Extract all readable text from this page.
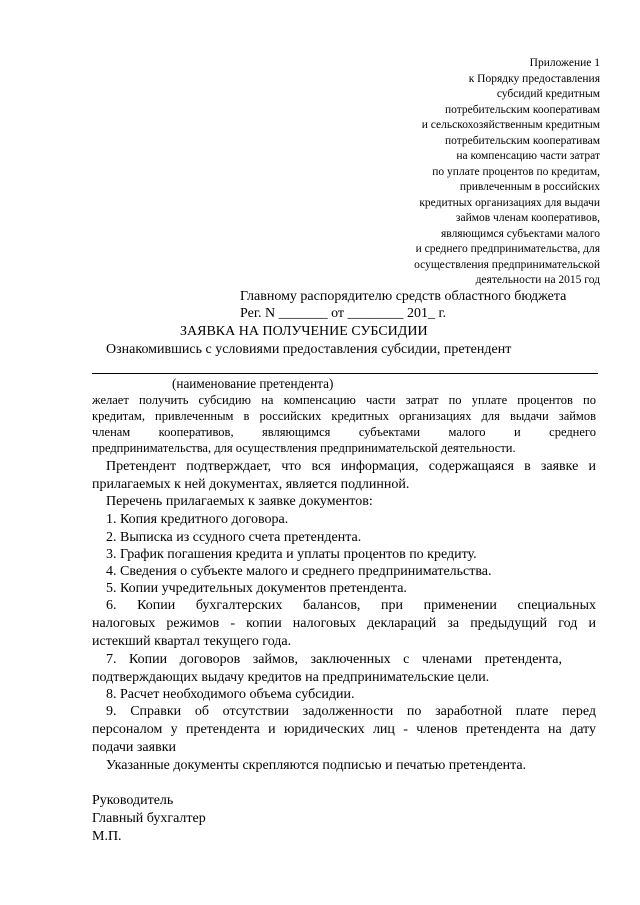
Приложение 1
к Порядку предоставления
субсидий кредитным
потребительским кооперативам
и сельскохозяйственным кредитным
потребительским кооперативам
на компенсацию части затрат
по уплате процентов по кредитам,
привлеченным в российских
кредитных организациях для выдачи
займов членам кооперативов,
являющимся субъектами малого
и среднего предпринимательства, для
осуществления предпринимательской
деятельности на 2015 год
Главному распорядителю средств областного бюджета
Рег. N _______ от ________ 201_ г.
ЗАЯВКА НА ПОЛУЧЕНИЕ СУБСИДИИ
Ознакомившись с условиями предоставления субсидии, претендент
(наименование претендента)
желает получить субсидию на компенсацию части затрат по уплате процентов по
кредитам, привлеченным в российских кредитных организациях для выдачи займов
членам кооперативов, являющимся субъектами малого и среднего
предпринимательства, для осуществления предпринимательской деятельности.
Претендент подтверждает, что вся информация, содержащаяся в заявке и
прилагаемых к ней документах, является подлинной.
Перечень прилагаемых к заявке документов:
1. Копия кредитного договора.
2. Выписка из ссудного счета претендента.
3. График погашения кредита и уплаты процентов по кредиту.
4. Сведения о субъекте малого и среднего предпринимательства.
5. Копии учредительных документов претендента.
6. Копии бухгалтерских балансов, при применении специальных
налоговых режимов - копии налоговых деклараций за предыдущий год и
истекший квартал текущего года.
7. Копии договоров займов, заключенных с членами претендента,
подтверждающих выдачу кредитов на предпринимательские цели.
8. Расчет необходимого объема субсидии.
9. Справки об отсутствии задолженности по заработной плате перед
персоналом у претендента и юридических лиц - членов претендента на дату
подачи заявки
Указанные документы скрепляются подписью и печатью претендента.
Руководитель
Главный бухгалтер
М.П.
